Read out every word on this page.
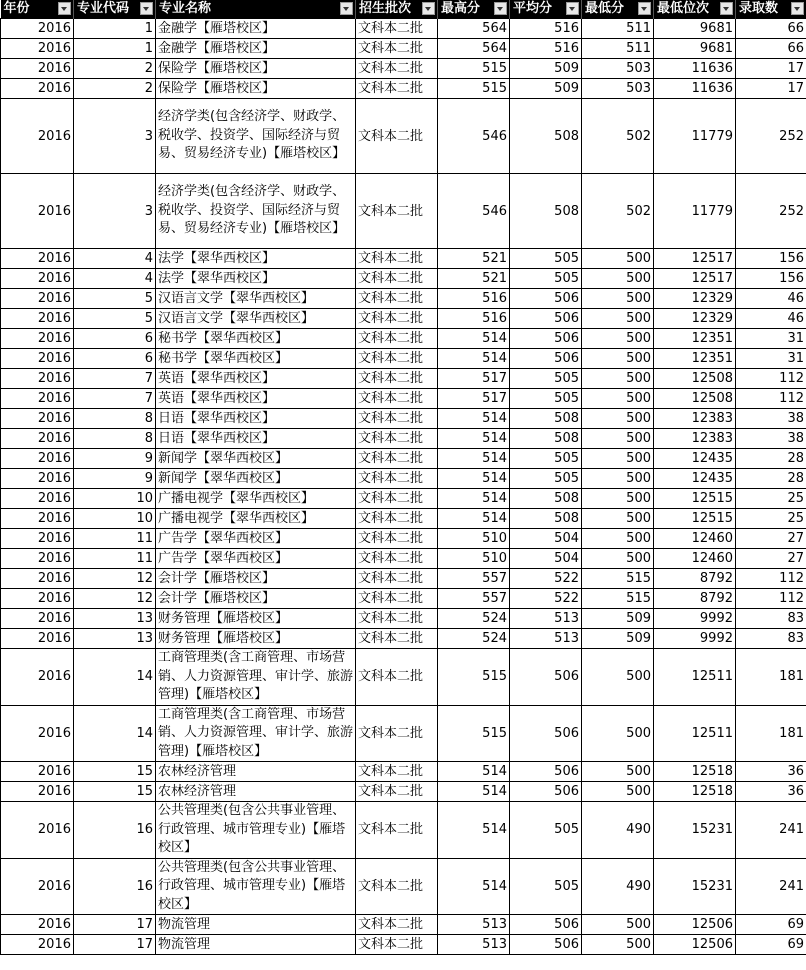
年份	专业代码	专业名称	招生批次	最高分	平均分	最低分	最低位次	录取数

2016	1	金融学【雁塔校区】	文科本二批	564	516	511	9681	66
2016	1	金融学【雁塔校区】	文科本二批	564	516	511	9681	66
2016	2	保险学【雁塔校区】	文科本二批	515	509	503	11636	17
2016	2	保险学【雁塔校区】	文科本二批	515	509	503	11636	17
2016	3	经济学类(包含经济学、财政学、税收学、投资学、国际经济与贸易、贸易经济专业)【雁塔校区】	文科本二批	546	508	502	11779	252
2016	3	经济学类(包含经济学、财政学、税收学、投资学、国际经济与贸易、贸易经济专业)【雁塔校区】	文科本二批	546	508	502	11779	252
2016	4	法学【翠华西校区】	文科本二批	521	505	500	12517	156
2016	4	法学【翠华西校区】	文科本二批	521	505	500	12517	156
2016	5	汉语言文学【翠华西校区】	文科本二批	516	506	500	12329	46
2016	5	汉语言文学【翠华西校区】	文科本二批	516	506	500	12329	46
2016	6	秘书学【翠华西校区】	文科本二批	514	506	500	12351	31
2016	6	秘书学【翠华西校区】	文科本二批	514	506	500	12351	31
2016	7	英语【翠华西校区】	文科本二批	517	505	500	12508	112
2016	7	英语【翠华西校区】	文科本二批	517	505	500	12508	112
2016	8	日语【翠华西校区】	文科本二批	514	508	500	12383	38
2016	8	日语【翠华西校区】	文科本二批	514	508	500	12383	38
2016	9	新闻学【翠华西校区】	文科本二批	514	505	500	12435	28
2016	9	新闻学【翠华西校区】	文科本二批	514	505	500	12435	28
2016	10	广播电视学【翠华西校区】	文科本二批	514	508	500	12515	25
2016	10	广播电视学【翠华西校区】	文科本二批	514	508	500	12515	25
2016	11	广告学【翠华西校区】	文科本二批	510	504	500	12460	27
2016	11	广告学【翠华西校区】	文科本二批	510	504	500	12460	27
2016	12	会计学【雁塔校区】	文科本二批	557	522	515	8792	112
2016	12	会计学【雁塔校区】	文科本二批	557	522	515	8792	112
2016	13	财务管理【雁塔校区】	文科本二批	524	513	509	9992	83
2016	13	财务管理【雁塔校区】	文科本二批	524	513	509	9992	83
2016	14	工商管理类(含工商管理、市场营销、人力资源管理、审计学、旅游管理)【雁塔校区】	文科本二批	515	506	500	12511	181
2016	14	工商管理类(含工商管理、市场营销、人力资源管理、审计学、旅游管理)【雁塔校区】	文科本二批	515	506	500	12511	181
2016	15	农林经济管理	文科本二批	514	506	500	12518	36
2016	15	农林经济管理	文科本二批	514	506	500	12518	36
2016	16	公共管理类(包含公共事业管理、行政管理、城市管理专业)【雁塔校区】	文科本二批	514	505	490	15231	241
2016	16	公共管理类(包含公共事业管理、行政管理、城市管理专业)【雁塔校区】	文科本二批	514	505	490	15231	241
2016	17	物流管理	文科本二批	513	506	500	12506	69
2016	17	物流管理	文科本二批	513	506	500	12506	69
